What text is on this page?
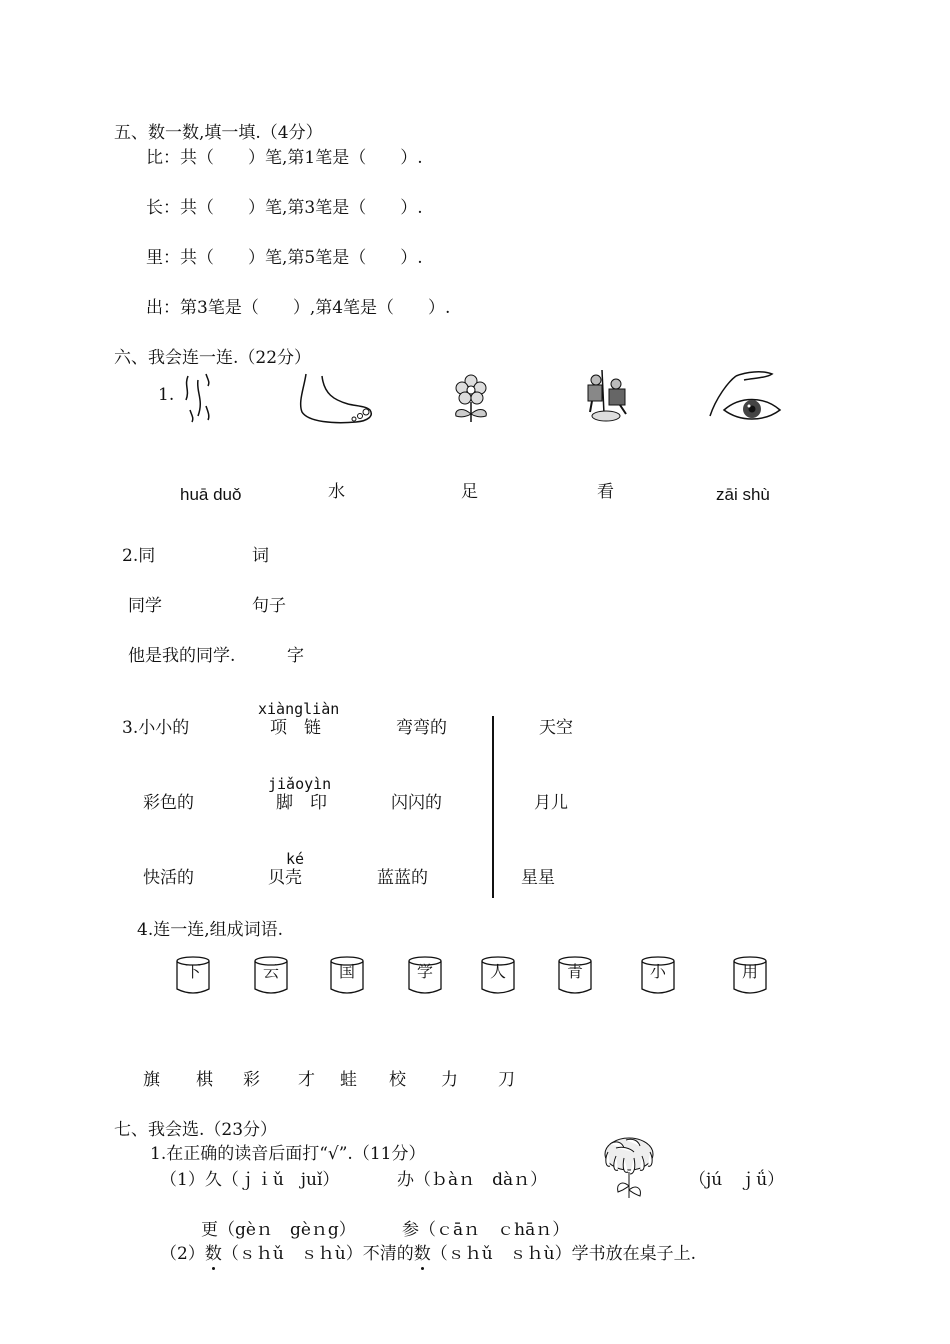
五、数一数,填一填.（4分）
比：共（　　）笔,第1笔是（　　）.
长：共（　　）笔,第3笔是（　　）.
里：共（　　）笔,第5笔是（　　）.
出：第3笔是（　　）,第4笔是（　　）.
六、我会连一连.（22分）
1.
huā duǒ	水	足	看	zāi shù
2.同	词
同学	句子
他是我的同学.	字
xiàngliàn
3.小小的	项　链	弯弯的	天空
jiǎoyìn
彩色的	脚　印	闪闪的	月儿
ké
快活的	贝壳	蓝蓝的	星星
4.连一连,组成词语.
下	云	国	学	人	青	小	用
旗 棋 彩 才 蛙 校 力 刀
七、我会选.（23分）
1.在正确的读音后面打“√”.（11分）
（1）久（ｊｉǔ　juǐ）	办（ｂàｎ　dàｎ）	（jú　ｊǘ）
更（gèｎ　gèｎg）	参（ｃāｎ　ｃhāｎ）
（2）数（ｓｈǔ　ｓｈù）不清的数（ｓｈǔ　ｓｈù）学书放在桌子上.
